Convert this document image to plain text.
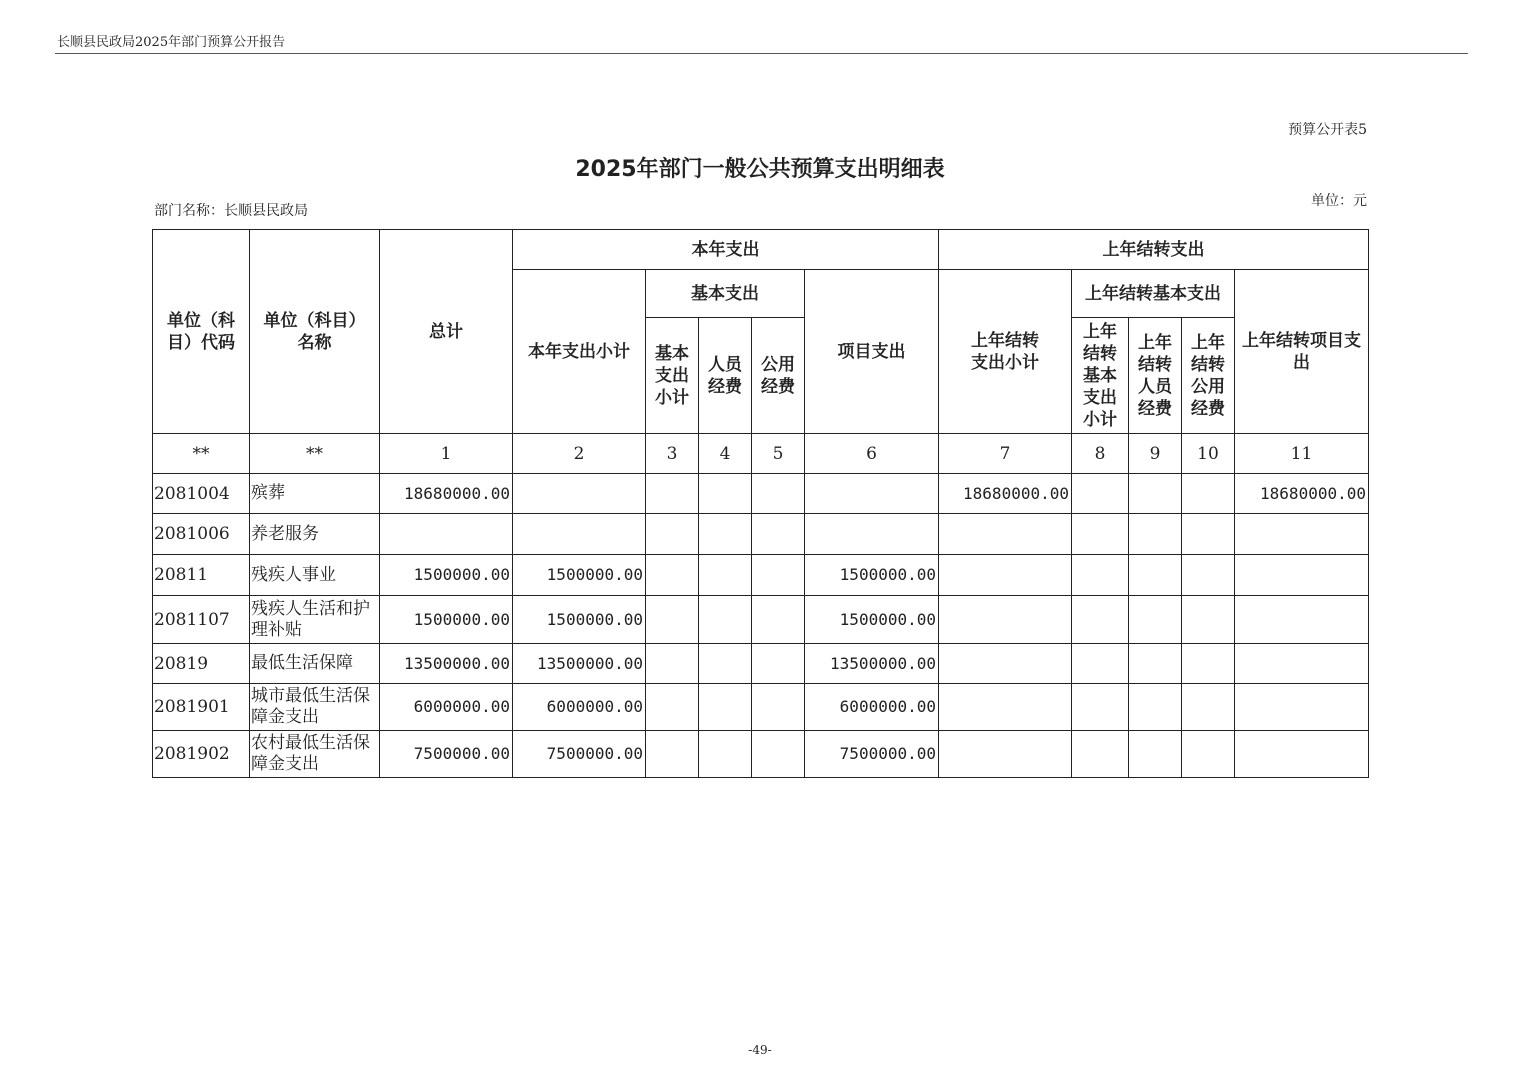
长顺县民政局2025年部门预算公开报告
预算公开表5
2025年部门一般公共预算支出明细表
部门名称：长顺县民政局
单位：元
单位（科目）代码	单位（科目）名称	总计	本年支出					上年结转支出				
			本年支出小计	基本支出			项目支出	上年结转支出小计	上年结转基本支出			上年结转项目支出
				基本支出小计	人员经费	公用经费			上年结转基本支出小计	上年结转人员经费	上年结转公用经费	
**	**	1	2	3	4	5	6	7	8	9	10	11
2081004	殡葬	18680000.00						18680000.00				18680000.00
2081006	养老服务											
20811	残疾人事业	1500000.00	1500000.00				1500000.00					
2081107	残疾人生活和护理补贴	1500000.00	1500000.00				1500000.00					
20819	最低生活保障	13500000.00	13500000.00				13500000.00					
2081901	城市最低生活保障金支出	6000000.00	6000000.00				6000000.00					
2081902	农村最低生活保障金支出	7500000.00	7500000.00				7500000.00					
-49-
